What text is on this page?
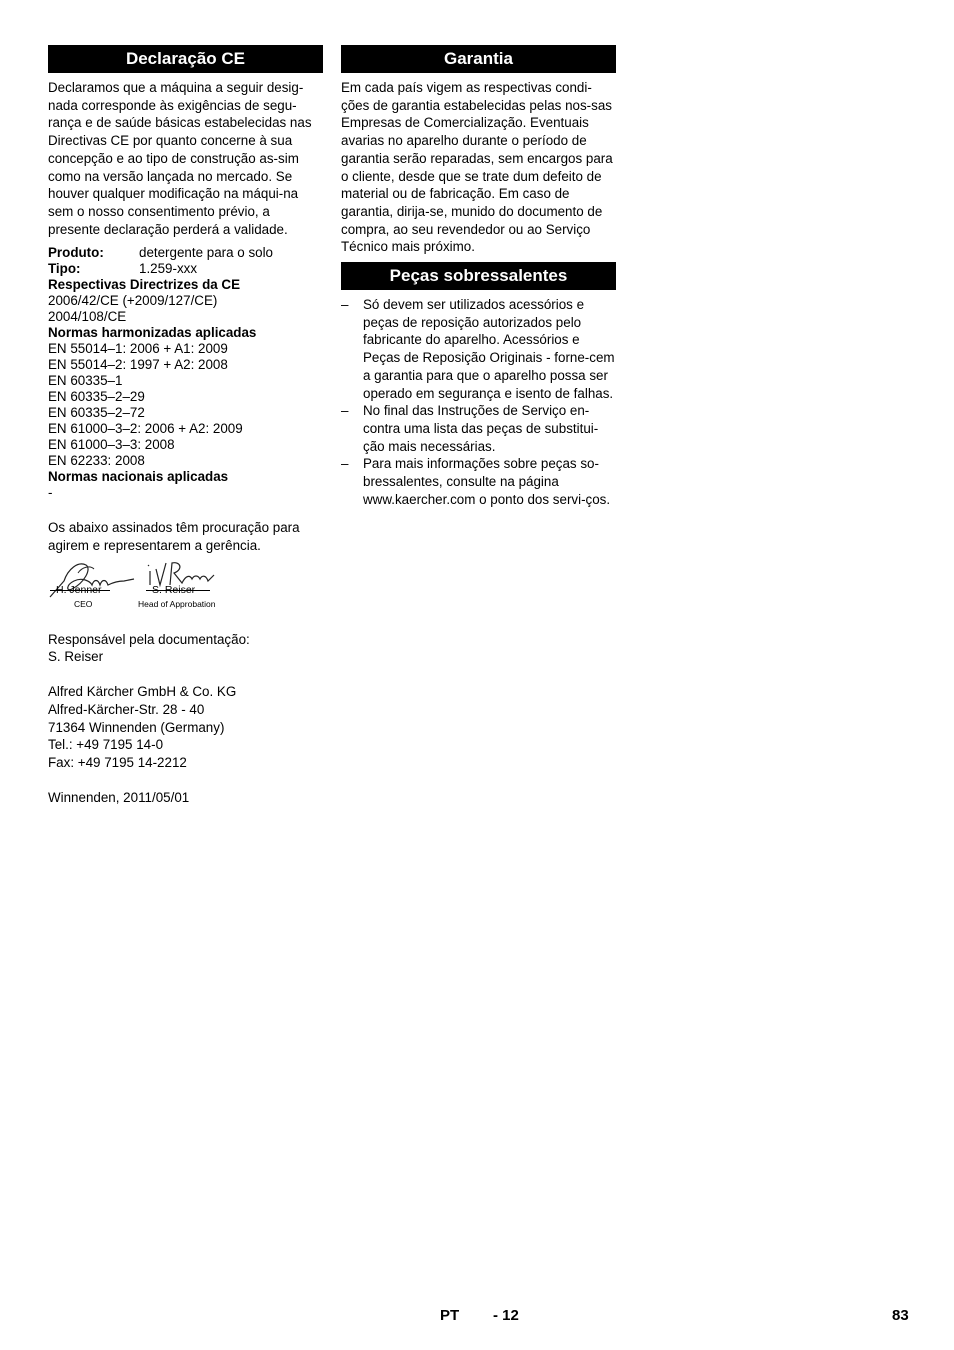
Declaração CE

Declaramos que a máquina a seguir desig-nada corresponde às exigências de segu-rança e de saúde básicas estabelecidas nas Directivas CE por quanto concerne à sua concepção e ao tipo de construção as-sim como na versão lançada no mercado. Se houver qualquer modificação na máqui-na sem o nosso consentimento prévio, a presente declaração perderá a validade.

Produto:	detergente para o solo
Tipo:	1.259-xxx
Respectivas Directrizes da CE
2006/42/CE (+2009/127/CE)
2004/108/CE
Normas harmonizadas aplicadas
EN 55014–1: 2006 + A1: 2009
EN 55014–2: 1997 + A2: 2008
EN 60335–1
EN 60335–2–29
EN 60335–2–72
EN 61000–3–2: 2006 + A2: 2009
EN 61000–3–3: 2008
EN 62233: 2008
Normas nacionais aplicadas
-

Os abaixo assinados têm procuração para agirem e representarem a gerência.

H. Jenner
CEO
S. Reiser
Head of Approbation

Responsável pela documentação:

S. Reiser

Alfred Kärcher GmbH & Co. KG

Alfred-Kärcher-Str. 28 - 40

71364 Winnenden (Germany)

Tel.: +49 7195 14-0

Fax: +49 7195 14-2212

Winnenden, 2011/05/01

Garantia

Em cada país vigem as respectivas condi-ções de garantia estabelecidas pelas nos-sas Empresas de Comercialização. Eventuais avarias no aparelho durante o período de garantia serão reparadas, sem encargos para o cliente, desde que se trate dum defeito de material ou de fabricação. Em caso de garantia, dirija-se, munido do documento de compra, ao seu revendedor ou ao Serviço Técnico mais próximo.

Peças sobressalentes
– Só devem ser utilizados acessórios e peças de reposição autorizados pelo fabricante do aparelho. Acessórios e Peças de Reposição Originais - forne-cem a garantia para que o aparelho possa ser operado em segurança e isento de falhas.
– No final das Instruções de Serviço en-contra uma lista das peças de substitui-ção mais necessárias.
– Para mais informações sobre peças so-bressalentes, consulte na página www.kaercher.com o ponto dos servi-ços.
PT - 12	83
